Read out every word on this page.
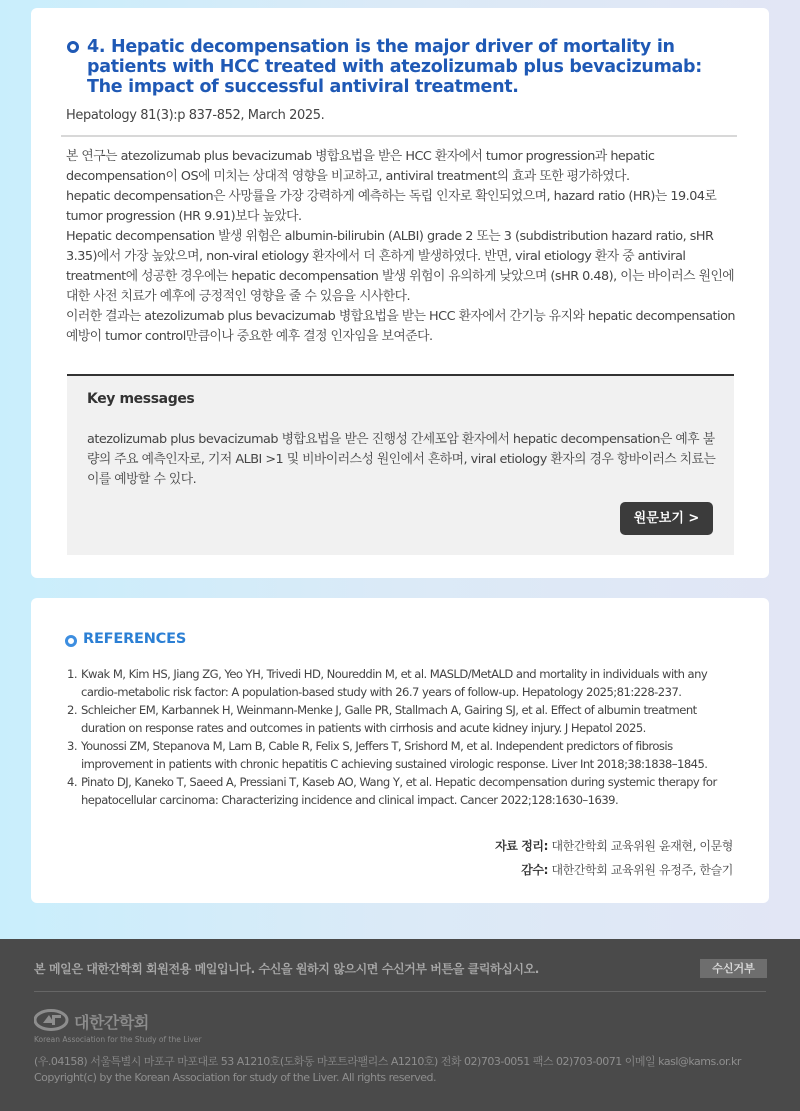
4. Hepatic decompensation is the major driver of mortality in patients with HCC treated with atezolizumab plus bevacizumab: The impact of successful antiviral treatment.
Hepatology 81(3):p 837-852, March 2025.

본 연구는 atezolizumab plus bevacizumab 병합요법을 받은 HCC 환자에서 tumor progression과 hepatic decompensation이 OS에 미치는 상대적 영향을 비교하고, antiviral treatment의 효과 또한 평가하였다.

hepatic decompensation은 사망률을 가장 강력하게 예측하는 독립 인자로 확인되었으며, hazard ratio (HR)는 19.04로 tumor progression (HR 9.91)보다 높았다.

Hepatic decompensation 발생 위험은 albumin-bilirubin (ALBI) grade 2 또는 3 (subdistribution hazard ratio, sHR 3.35)에서 가장 높았으며, non-viral etiology 환자에서 더 흔하게 발생하였다. 반면, viral etiology 환자 중 antiviral treatment에 성공한 경우에는 hepatic decompensation 발생 위험이 유의하게 낮았으며 (sHR 0.48), 이는 바이러스 원인에 대한 사전 치료가 예후에 긍정적인 영향을 줄 수 있음을 시사한다.

이러한 결과는 atezolizumab plus bevacizumab 병합요법을 받는 HCC 환자에서 간기능 유지와 hepatic decompensation 예방이 tumor control만큼이나 중요한 예후 결정 인자임을 보여준다.

Key messages
atezolizumab plus bevacizumab 병합요법을 받은 진행성 간세포암 환자에서 hepatic decompensation은 예후 불량의 주요 예측인자로, 기저 ALBI >1 및 비바이러스성 원인에서 흔하며, viral etiology 환자의 경우 항바이러스 치료는 이를 예방할 수 있다.
원문보기 >
REFERENCES
1. Kwak M, Kim HS, Jiang ZG, Yeo YH, Trivedi HD, Noureddin M, et al. MASLD/MetALD and mortality in individuals with any cardio-metabolic risk factor: A population-based study with 26.7 years of follow-up. Hepatology 2025;81:228-237.
2. Schleicher EM, Karbannek H, Weinmann-Menke J, Galle PR, Stallmach A, Gairing SJ, et al. Effect of albumin treatment duration on response rates and outcomes in patients with cirrhosis and acute kidney injury. J Hepatol 2025.
3. Younossi ZM, Stepanova M, Lam B, Cable R, Felix S, Jeffers T, Srishord M, et al. Independent predictors of fibrosis improvement in patients with chronic hepatitis C achieving sustained virologic response. Liver Int 2018;38:1838–1845.
4. Pinato DJ, Kaneko T, Saeed A, Pressiani T, Kaseb AO, Wang Y, et al. Hepatic decompensation during systemic therapy for hepatocellular carcinoma: Characterizing incidence and clinical impact. Cancer 2022;128:1630–1639.
자료 정리: 대한간학회 교육위원 윤재현, 이문형
감수: 대한간학회 교육위원 유정주, 한슬기
본 메일은 대한간학회 회원전용 메일입니다. 수신을 원하지 않으시면 수신거부 버튼을 클릭하십시오.	수신거부
대한간학회
Korean Association for the Study of the Liver
(우.04158) 서울특별시 마포구 마포대로 53 A1210호(도화동 마포트라팰리스 A1210호) 전화 02)703-0051 팩스 02)703-0071 이메일 kasl@kams.or.kr
Copyright(c) by the Korean Association for study of the Liver. All rights reserved.
